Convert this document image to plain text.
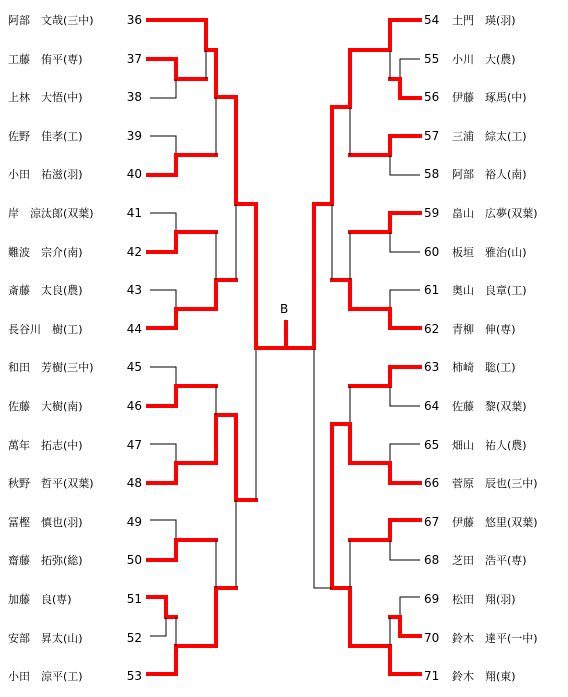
阿部　文哉(三中)	36
工藤　侑平(専)	37
上林　大悟(中)	38
佐野　佳孝(工)	39
小田　祐滋(羽)	40
岸　涼汰郎(双葉)	41
難波　宗介(南)	42
斎藤　太良(農)	43
長谷川　樹(工)	44
和田　芳樹(三中)	45
佐藤　大樹(南)	46
萬年　拓志(中)	47
秋野　哲平(双葉)	48
冨樫　慎也(羽)	49
齋藤　拓弥(総)	50
加藤　良(専)	51
安部　昇太(山)	52
小田　涼平(工)	53
54	土門　瑛(羽)
55	小川　大(農)
56	伊藤　琢馬(中)
57	三浦　綜太(工)
58	阿部　裕人(南)
59	畠山　広夢(双葉)
60	板垣　雅治(山)
61	奥山　良章(工)
62	青柳　伸(専)
63	柿崎　聡(工)
64	佐藤　黎(双葉)
65	畑山　祐人(農)
66	菅原　辰也(三中)
67	伊藤　悠里(双葉)
68	芝田　浩平(専)
69	松田　翔(羽)
70	鈴木　達平(一中)
71	鈴木　翔(東)
B
